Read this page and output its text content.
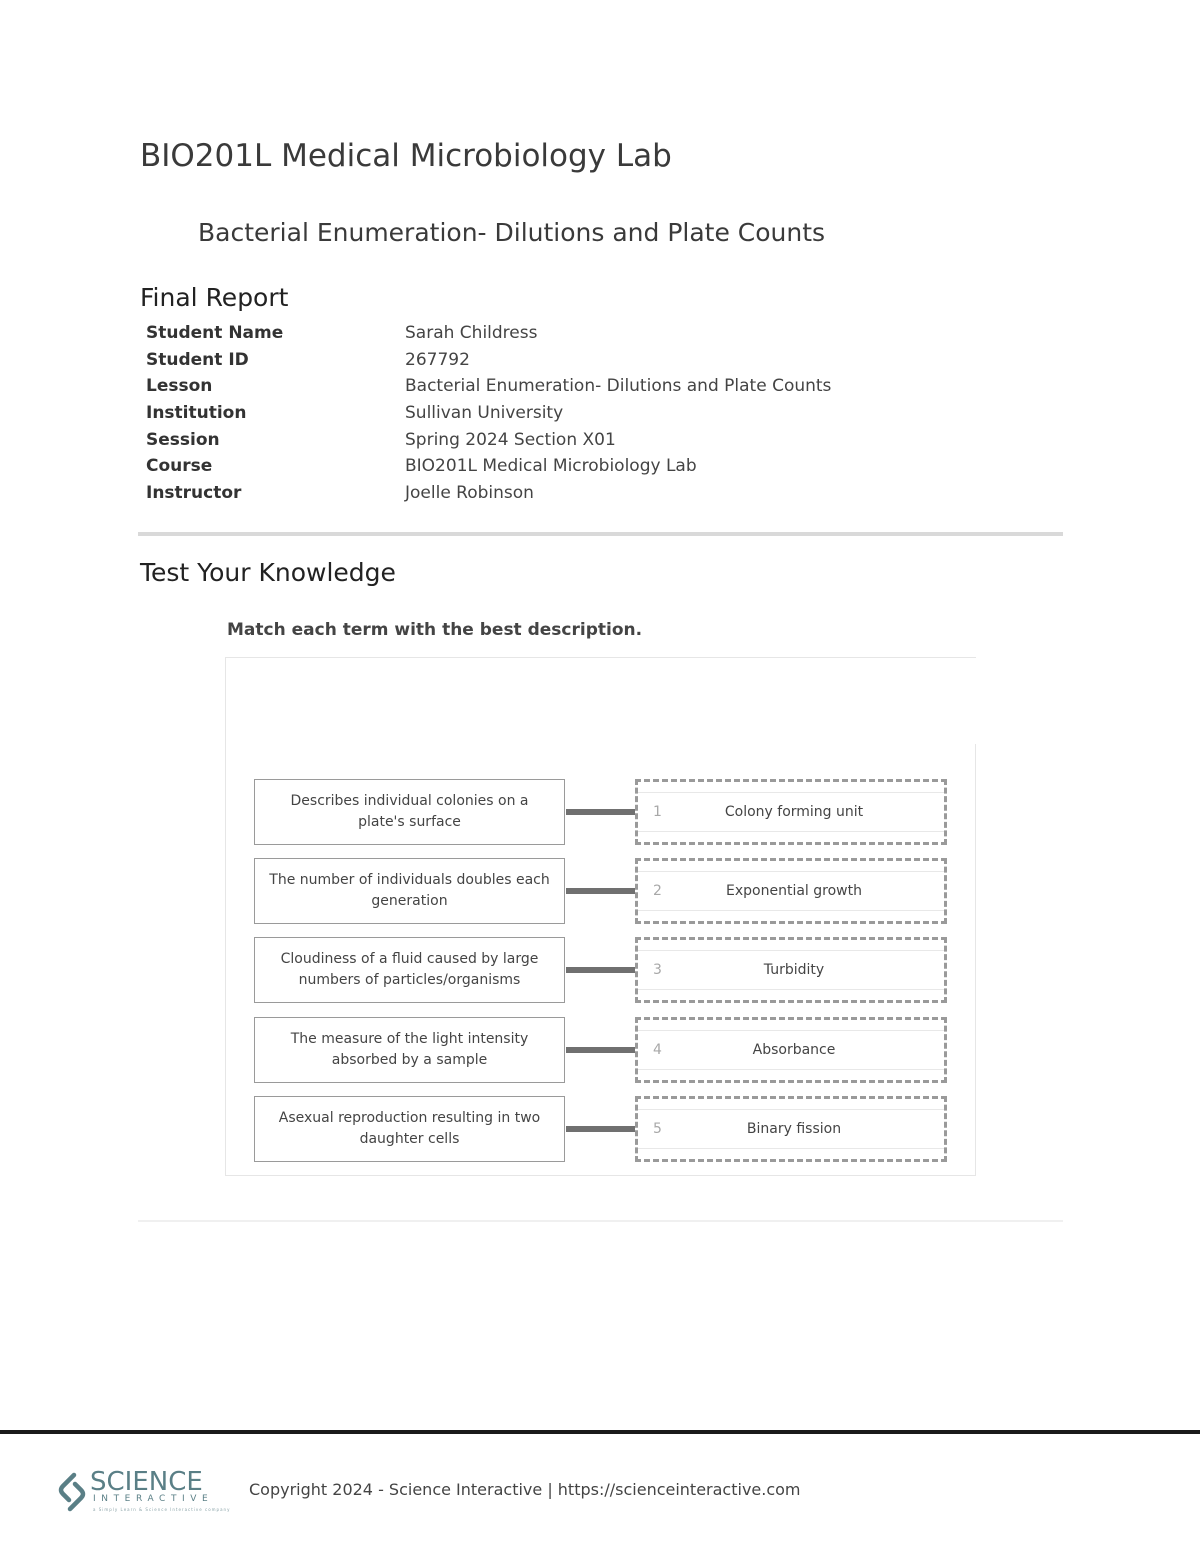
BIO201L Medical Microbiology Lab
Bacterial Enumeration- Dilutions and Plate Counts
Final Report
Student Name	Sarah Childress
Student ID	267792
Lesson	Bacterial Enumeration- Dilutions and Plate Counts
Institution	Sullivan University
Session	Spring 2024 Section X01
Course	BIO201L Medical Microbiology Lab
Instructor	Joelle Robinson
Test Your Knowledge
Match each term with the best description.
Describes individual colonies on a plate's surface
1	Colony forming unit
The number of individuals doubles each generation
2	Exponential growth
Cloudiness of a fluid caused by large numbers of particles/organisms
3	Turbidity
The measure of the light intensity absorbed by a sample
4	Absorbance
Asexual reproduction resulting in two daughter cells
5	Binary fission
SCIENCE
INTERACTIVE
a Simply Learn & Science Interactive company
Copyright 2024 - Science Interactive | https://scienceinteractive.com
